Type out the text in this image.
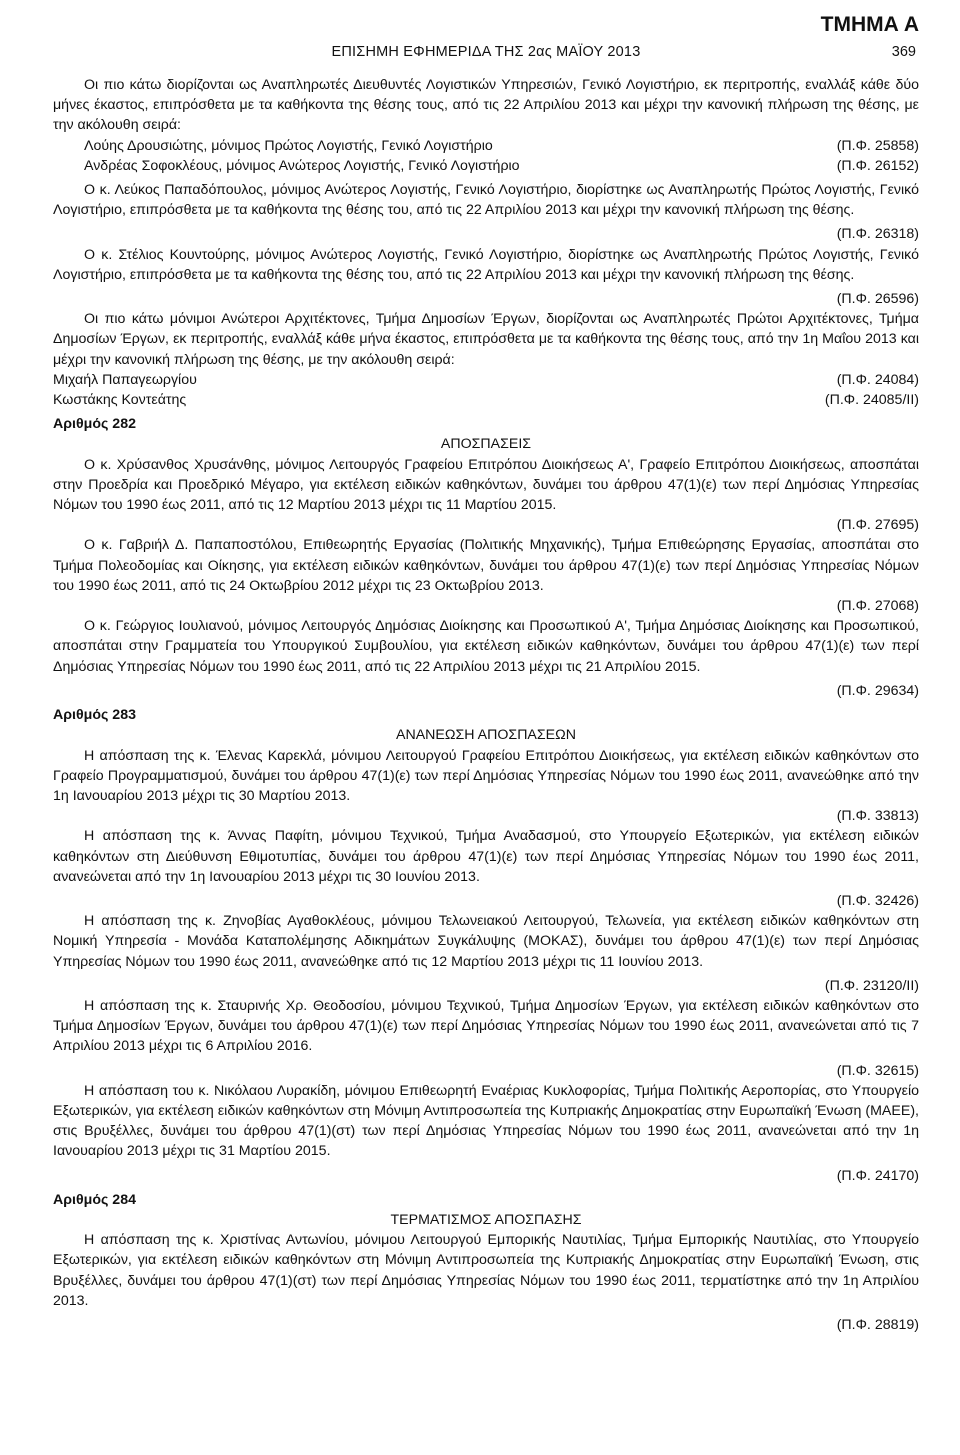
ΤΜΗΜΑ Α
ΕΠΙΣΗΜΗ ΕΦΗΜΕΡΙΔΑ ΤΗΣ 2ας ΜΑΪΟΥ 2013	369

Οι πιο κάτω διορίζονται ως Αναπληρωτές Διευθυντές Λογιστικών Υπηρεσιών, Γενικό Λογιστήριο, εκ περιτροπής, εναλλάξ κάθε δύο μήνες έκαστος, επιπρόσθετα με τα καθήκοντα της θέσης τους, από τις 22 Απριλίου 2013 και μέχρι την κανονική πλήρωση της θέσης, με την ακόλουθη σειρά:

Λούης Δρουσιώτης, μόνιμος Πρώτος Λογιστής, Γενικό Λογιστήριο	(Π.Φ. 25858)
Ανδρέας Σοφοκλέους, μόνιμος Ανώτερος Λογιστής, Γενικό Λογιστήριο	(Π.Φ. 26152)

Ο κ. Λεύκος Παπαδόπουλος, μόνιμος Ανώτερος Λογιστής, Γενικό Λογιστήριο, διορίστηκε ως Αναπληρωτής Πρώτος Λογιστής, Γενικό Λογιστήριο, επιπρόσθετα με τα καθήκοντα της θέσης του, από τις 22 Απριλίου 2013 και μέχρι την κανονική πλήρωση της θέσης.

(Π.Φ. 26318)

Ο κ. Στέλιος Κουντούρης, μόνιμος Ανώτερος Λογιστής, Γενικό Λογιστήριο, διορίστηκε ως Αναπληρωτής Πρώτος Λογιστής, Γενικό Λογιστήριο, επιπρόσθετα με τα καθήκοντα της θέσης του, από τις 22 Απριλίου 2013 και μέχρι την κανονική πλήρωση της θέσης.

(Π.Φ. 26596)

Οι πιο κάτω μόνιμοι Ανώτεροι Αρχιτέκτονες, Τμήμα Δημοσίων Έργων, διορίζονται ως Αναπληρωτές Πρώτοι Αρχιτέκτονες, Τμήμα Δημοσίων Έργων, εκ περιτροπής, εναλλάξ κάθε μήνα έκαστος, επιπρόσθετα με τα καθήκοντα της θέσης τους, από την 1η Μαΐου 2013 και μέχρι την κανονική πλήρωση της θέσης, με την ακόλουθη σειρά:

Μιχαήλ Παπαγεωργίου	(Π.Φ. 24084)
Κωστάκης Κοντεάτης	(Π.Φ. 24085/ΙΙ)

Αριθμός 282

ΑΠΟΣΠΑΣΕΙΣ

Ο κ. Χρύσανθος Χρυσάνθης, μόνιμος Λειτουργός Γραφείου Επιτρόπου Διοικήσεως Α', Γραφείο Επιτρόπου Διοικήσεως, αποσπάται στην Προεδρία και Προεδρικό Μέγαρο, για εκτέλεση ειδικών καθηκόντων, δυνάμει του άρθρου 47(1)(ε) των περί Δημόσιας Υπηρεσίας Νόμων του 1990 έως 2011, από τις 12 Μαρτίου 2013 μέχρι τις 11 Μαρτίου 2015.

(Π.Φ. 27695)

Ο κ. Γαβριήλ Δ. Παπαποστόλου, Επιθεωρητής Εργασίας (Πολιτικής Μηχανικής), Τμήμα Επιθεώρησης Εργασίας, αποσπάται στο Τμήμα Πολεοδομίας και Οίκησης, για εκτέλεση ειδικών καθηκόντων, δυνάμει του άρθρου 47(1)(ε) των περί Δημόσιας Υπηρεσίας Νόμων του 1990 έως 2011, από τις 24 Οκτωβρίου 2012 μέχρι τις 23 Οκτωβρίου 2013.

(Π.Φ. 27068)

Ο κ. Γεώργιος Ιουλιανού, μόνιμος Λειτουργός Δημόσιας Διοίκησης και Προσωπικού Α', Τμήμα Δημόσιας Διοίκησης και Προσωπικού, αποσπάται στην Γραμματεία του Υπουργικού Συμβουλίου, για εκτέλεση ειδικών καθηκόντων, δυνάμει του άρθρου 47(1)(ε) των περί Δημόσιας Υπηρεσίας Νόμων του 1990 έως 2011, από τις 22 Απριλίου 2013 μέχρι τις 21 Απριλίου 2015.

(Π.Φ. 29634)

Αριθμός 283

ΑΝΑΝΕΩΣΗ ΑΠΟΣΠΑΣΕΩΝ

Η απόσπαση της κ. Έλενας Καρεκλά, μόνιμου Λειτουργού Γραφείου Επιτρόπου Διοικήσεως, για εκτέλεση ειδικών καθηκόντων στο Γραφείο Προγραμματισμού, δυνάμει του άρθρου 47(1)(ε) των περί Δημόσιας Υπηρεσίας Νόμων του 1990 έως 2011, ανανεώθηκε από την 1η Ιανουαρίου 2013 μέχρι τις 30 Μαρτίου 2013.

(Π.Φ. 33813)

Η απόσπαση της κ. Άννας Παφίτη, μόνιμου Τεχνικού, Τμήμα Αναδασμού, στο Υπουργείο Εξωτερικών, για εκτέλεση ειδικών καθηκόντων στη Διεύθυνση Εθιμοτυπίας, δυνάμει του άρθρου 47(1)(ε) των περί Δημόσιας Υπηρεσίας Νόμων του 1990 έως 2011, ανανεώνεται από την 1η Ιανουαρίου 2013 μέχρι τις 30 Ιουνίου 2013.

(Π.Φ. 32426)

Η απόσπαση της κ. Ζηνοβίας Αγαθοκλέους, μόνιμου Τελωνειακού Λειτουργού, Τελωνεία, για εκτέλεση ειδικών καθηκόντων στη Νομική Υπηρεσία - Μονάδα Καταπολέμησης Αδικημάτων Συγκάλυψης (ΜΟΚΑΣ), δυνάμει του άρθρου 47(1)(ε) των περί Δημόσιας Υπηρεσίας Νόμων του 1990 έως 2011, ανανεώθηκε από τις 12 Μαρτίου 2013 μέχρι τις 11 Ιουνίου 2013.

(Π.Φ. 23120/ΙΙ)

Η απόσπαση της κ. Σταυρινής Χρ. Θεοδοσίου, μόνιμου Τεχνικού, Τμήμα Δημοσίων Έργων, για εκτέλεση ειδικών καθηκόντων στο Τμήμα Δημοσίων Έργων, δυνάμει του άρθρου 47(1)(ε) των περί Δημόσιας Υπηρεσίας Νόμων του 1990 έως 2011, ανανεώνεται από τις 7 Απριλίου 2013 μέχρι τις 6 Απριλίου 2016.

(Π.Φ. 32615)

Η απόσπαση του κ. Νικόλαου Λυρακίδη, μόνιμου Επιθεωρητή Εναέριας Κυκλοφορίας, Τμήμα Πολιτικής Αεροπορίας, στο Υπουργείο Εξωτερικών, για εκτέλεση ειδικών καθηκόντων στη Μόνιμη Αντιπροσωπεία της Κυπριακής Δημοκρατίας στην Ευρωπαϊκή Ένωση (ΜΑΕΕ), στις Βρυξέλλες, δυνάμει του άρθρου 47(1)(στ) των περί Δημόσιας Υπηρεσίας Νόμων του 1990 έως 2011, ανανεώνεται από την 1η Ιανουαρίου 2013 μέχρι τις 31 Μαρτίου 2015.

(Π.Φ. 24170)

Αριθμός 284

ΤΕΡΜΑΤΙΣΜΟΣ ΑΠΟΣΠΑΣΗΣ

Η απόσπαση της κ. Χριστίνας Αντωνίου, μόνιμου Λειτουργού Εμπορικής Ναυτιλίας, Τμήμα Εμπορικής Ναυτιλίας, στο Υπουργείο Εξωτερικών, για εκτέλεση ειδικών καθηκόντων στη Μόνιμη Αντιπροσωπεία της Κυπριακής Δημοκρατίας στην Ευρωπαϊκή Ένωση, στις Βρυξέλλες, δυνάμει του άρθρου 47(1)(στ) των περί Δημόσιας Υπηρεσίας Νόμων του 1990 έως 2011, τερματίστηκε από την 1η Απριλίου 2013.

(Π.Φ. 28819)
